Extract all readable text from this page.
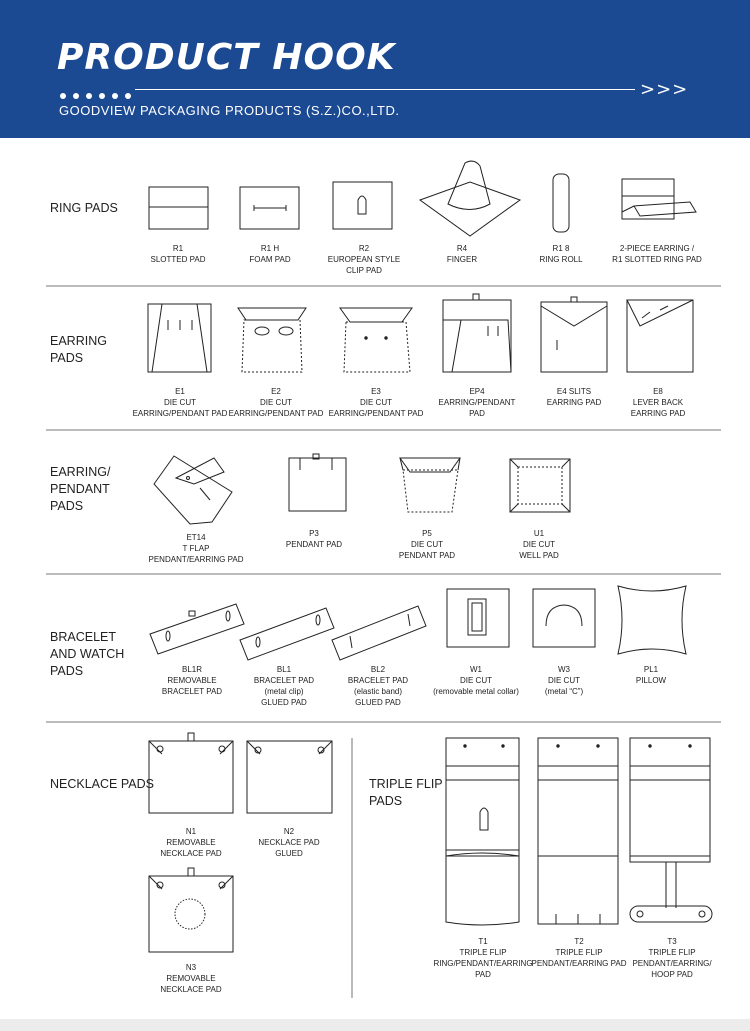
PRODUCT HOOK
>>>
GOODVIEW PACKAGING PRODUCTS (S.Z.)CO.,LTD.
RING PADS
EARRING
PADS
EARRING/
PENDANT
PADS
BRACELET
AND WATCH
PADS
NECKLACE PADS	TRIPLE FLIP
PADS
R1
SLOTTED PAD
R1 H
FOAM PAD
R2
EUROPEAN STYLE
CLIP PAD
R4
FINGER
R1 8
RING ROLL
2-PIECE EARRING /
R1 SLOTTED RING PAD
E1
DIE CUT
EARRING/PENDANT PAD
E2
DIE CUT
EARRING/PENDANT PAD
E3
DIE CUT
EARRING/PENDANT PAD
EP4
EARRING/PENDANT
PAD
E4 SLITS
EARRING PAD
E8
LEVER BACK
EARRING PAD
ET14
T FLAP
PENDANT/EARRING PAD
P3
PENDANT PAD
P5
DIE CUT
PENDANT PAD
U1
DIE CUT
WELL PAD
BL1R
REMOVABLE
BRACELET PAD
BL1
BRACELET PAD
(metal clip)
GLUED PAD
BL2
BRACELET PAD
(elastic band)
GLUED PAD
W1
DIE CUT
(removable metal collar)
W3
DIE CUT
(metal “C”)
PL1
PILLOW
N1
REMOVABLE
NECKLACE PAD
N2
NECKLACE PAD
GLUED
N3
REMOVABLE
NECKLACE PAD
T1
TRIPLE FLIP
RING/PENDANT/EARRING PAD
T2
TRIPLE FLIP
PENDANT/EARRING PAD
T3
TRIPLE FLIP
PENDANT/EARRING/
HOOP PAD
